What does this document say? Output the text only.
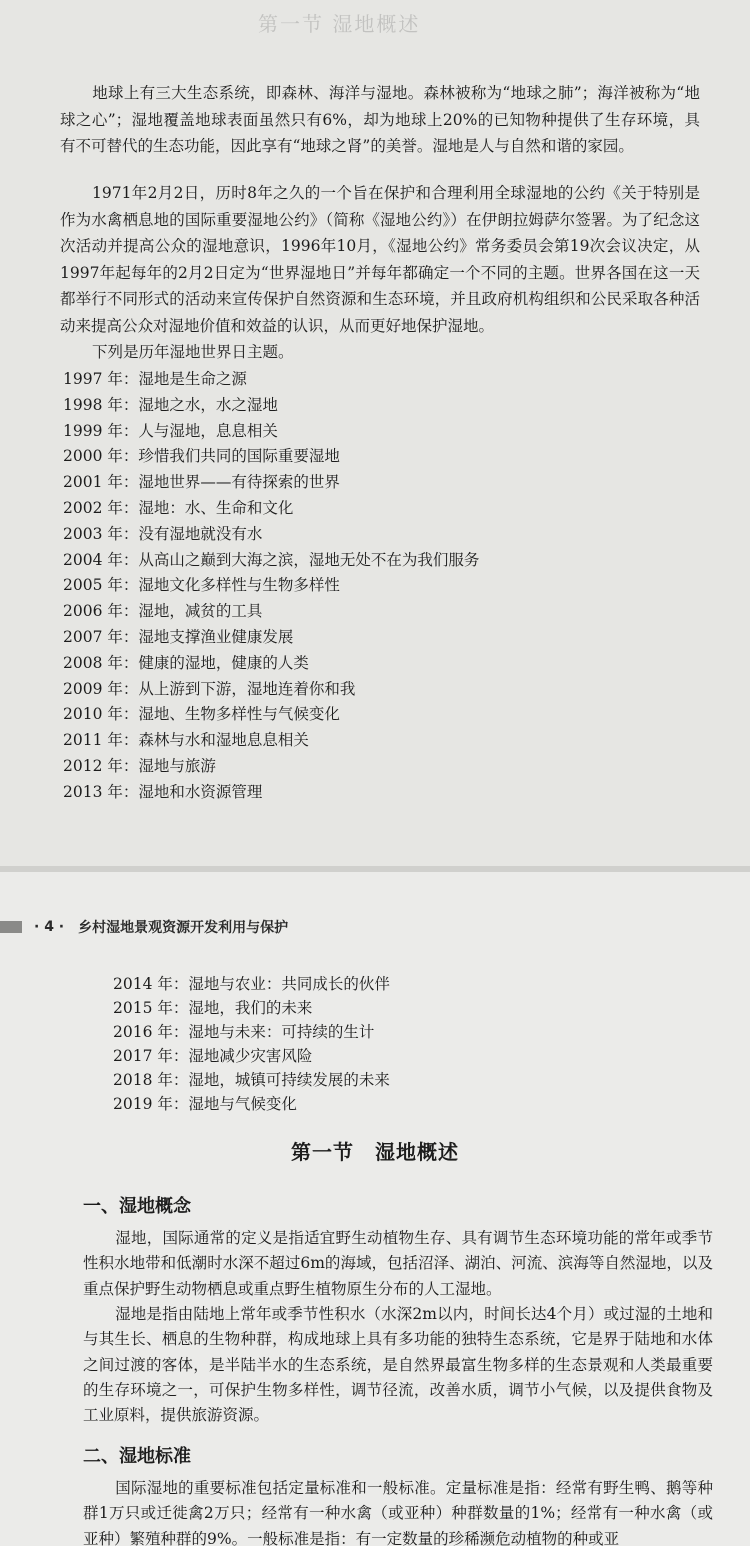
第一节 湿地概述

地球上有三大生态系统，即森林、海洋与湿地。森林被称为“地球之肺”；海洋被称为“地球之心”；湿地覆盖地球表面虽然只有6%，却为地球上20%的已知物种提供了生存环境，具有不可替代的生态功能，因此享有“地球之肾”的美誉。湿地是人与自然和谐的家园。

1971年2月2日，历时8年之久的一个旨在保护和合理利用全球湿地的公约《关于特别是作为水禽栖息地的国际重要湿地公约》（简称《湿地公约》）在伊朗拉姆萨尔签署。为了纪念这次活动并提高公众的湿地意识，1996年10月，《湿地公约》常务委员会第19次会议决定，从1997年起每年的2月2日定为“世界湿地日”并每年都确定一个不同的主题。世界各国在这一天都举行不同形式的活动来宣传保护自然资源和生态环境，并且政府机构组织和公民采取各种活动来提高公众对湿地价值和效益的认识，从而更好地保护湿地。

下列是历年湿地世界日主题。

1997 年：湿地是生命之源
1998 年：湿地之水，水之湿地
1999 年：人与湿地，息息相关
2000 年：珍惜我们共同的国际重要湿地
2001 年：湿地世界——有待探索的世界
2002 年：湿地：水、生命和文化
2003 年：没有湿地就没有水
2004 年：从高山之巅到大海之滨，湿地无处不在为我们服务
2005 年：湿地文化多样性与生物多样性
2006 年：湿地，减贫的工具
2007 年：湿地支撑渔业健康发展
2008 年：健康的湿地，健康的人类
2009 年：从上游到下游，湿地连着你和我
2010 年：湿地、生物多样性与气候变化
2011 年：森林与水和湿地息息相关
2012 年：湿地与旅游
2013 年：湿地和水资源管理
· 4 · 乡村湿地景观资源开发利用与保护
2014 年：湿地与农业：共同成长的伙伴
2015 年：湿地，我们的未来
2016 年：湿地与未来：可持续的生计
2017 年：湿地减少灾害风险
2018 年：湿地，城镇可持续发展的未来
2019 年：湿地与气候变化
第一节　湿地概述
一、湿地概念

湿地，国际通常的定义是指适宜野生动植物生存、具有调节生态环境功能的常年或季节性积水地带和低潮时水深不超过6m的海域，包括沼泽、湖泊、河流、滨海等自然湿地，以及重点保护野生动物栖息或重点野生植物原生分布的人工湿地。

湿地是指由陆地上常年或季节性积水（水深2m以内，时间长达4个月）或过湿的土地和与其生长、栖息的生物种群，构成地球上具有多功能的独特生态系统，它是界于陆地和水体之间过渡的客体，是半陆半水的生态系统，是自然界最富生物多样的生态景观和人类最重要的生存环境之一，可保护生物多样性，调节径流，改善水质，调节小气候，以及提供食物及工业原料，提供旅游资源。

二、湿地标准

国际湿地的重要标准包括定量标准和一般标准。定量标准是指：经常有野生鸭、鹅等种群1万只或迁徙禽2万只；经常有一种水禽（或亚种）种群数量的1%；经常有一种水禽（或亚种）繁殖种群的9%。一般标准是指：有一定数量的珍稀濒危动植物的种或亚
